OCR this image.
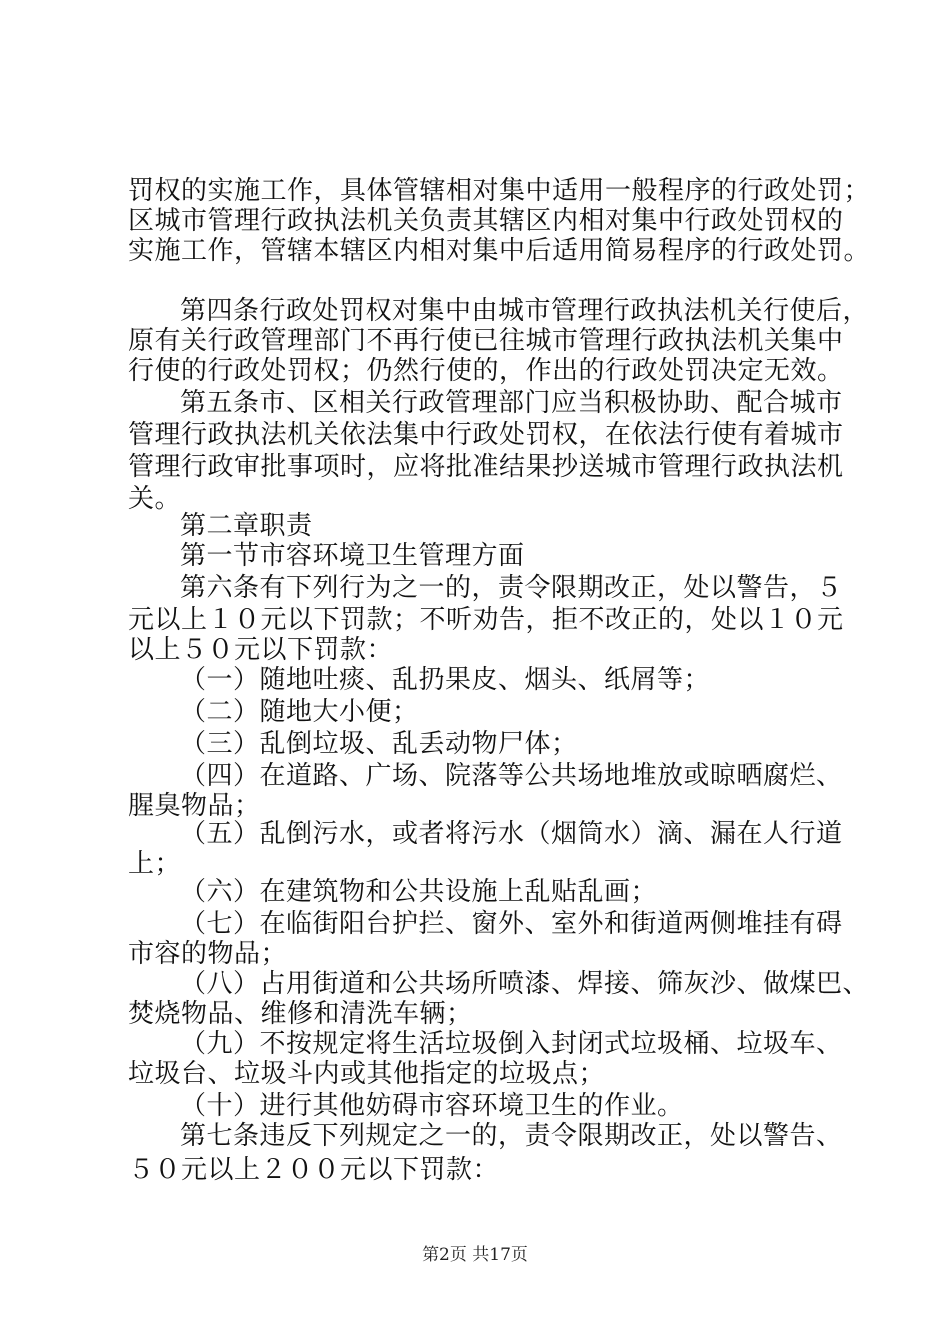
罚权的实施工作，具体管辖相对集中适用一般程序的行政处罚；
区城市管理行政执法机关负责其辖区内相对集中行政处罚权的
实施工作，管辖本辖区内相对集中后适用简易程序的行政处罚。
第四条行政处罚权对集中由城市管理行政执法机关行使后，
原有关行政管理部门不再行使已往城市管理行政执法机关集中
行使的行政处罚权；仍然行使的，作出的行政处罚决定无效。
第五条市、区相关行政管理部门应当积极协助、配合城市
管理行政执法机关依法集中行政处罚权，在依法行使有着城市
管理行政审批事项时，应将批准结果抄送城市管理行政执法机
关。
第二章职责
第一节市容环境卫生管理方面
第六条有下列行为之一的，责令限期改正，处以警告，５
元以上１０元以下罚款；不听劝告，拒不改正的，处以１０元
以上５０元以下罚款：
（一）随地吐痰、乱扔果皮、烟头、纸屑等；
（二）随地大小便；
（三）乱倒垃圾、乱丢动物尸体；
（四）在道路、广场、院落等公共场地堆放或晾晒腐烂、
腥臭物品；
（五）乱倒污水，或者将污水（烟筒水）滴、漏在人行道
上；
（六）在建筑物和公共设施上乱贴乱画；
（七）在临街阳台护拦、窗外、室外和街道两侧堆挂有碍
市容的物品；
（八）占用街道和公共场所喷漆、焊接、筛灰沙、做煤巴、
焚烧物品、维修和清洗车辆；
（九）不按规定将生活垃圾倒入封闭式垃圾桶、垃圾车、
垃圾台、垃圾斗内或其他指定的垃圾点；
（十）进行其他妨碍市容环境卫生的作业。
第七条违反下列规定之一的，责令限期改正，处以警告、
５０元以上２００元以下罚款：
第2页 共17页
